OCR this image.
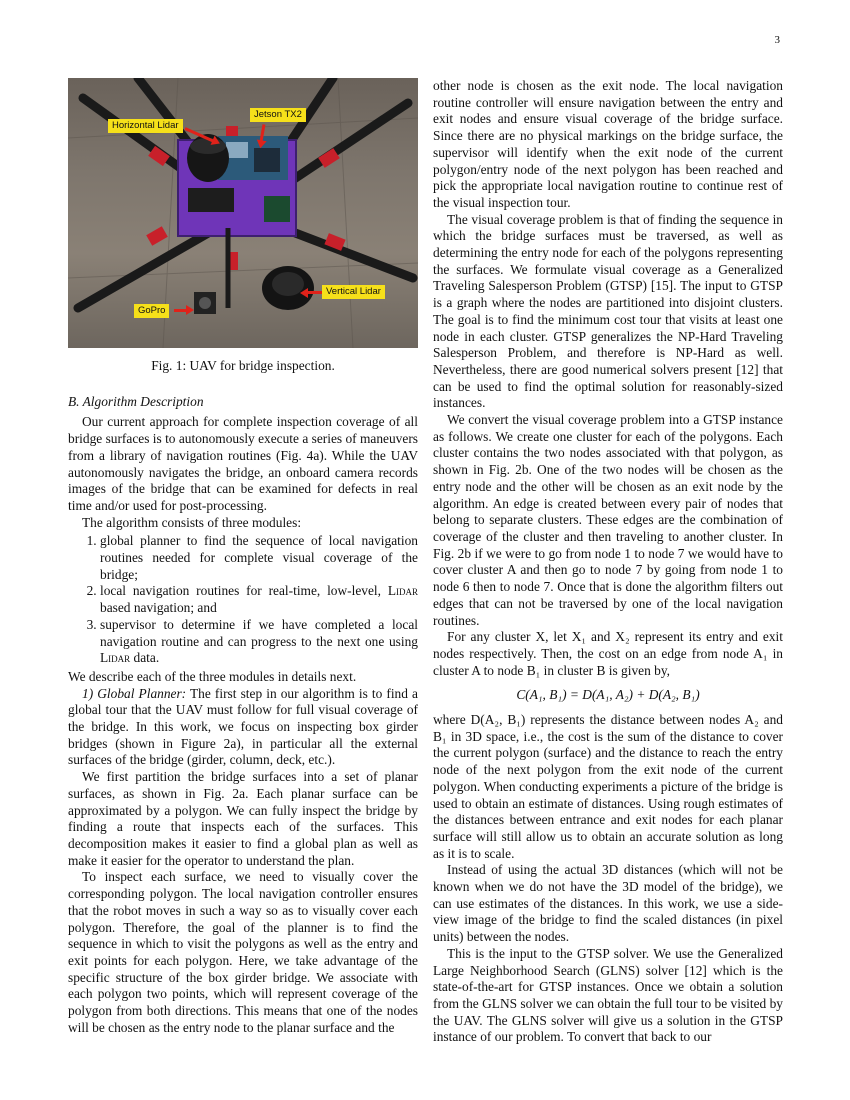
3
Horizontal Lidar
Jetson TX2
Vertical Lidar
GoPro
Fig. 1: UAV for bridge inspection.
B. Algorithm Description

Our current approach for complete inspection coverage of all bridge surfaces is to autonomously execute a series of maneuvers from a library of navigation routines (Fig. 4a). While the UAV autonomously navigates the bridge, an onboard camera records images of the bridge that can be examined for defects in real time and/or used for post-processing.

The algorithm consists of three modules:

1. global planner to find the sequence of local navigation routines needed for complete visual coverage of the bridge;
2. local navigation routines for real-time, low-level, Lidar based navigation; and
3. supervisor to determine if we have completed a local navigation routine and can progress to the next one using Lidar data.

We describe each of the three modules in details next.

1) Global Planner: The first step in our algorithm is to find a global tour that the UAV must follow for full visual coverage of the bridge. In this work, we focus on inspecting box girder bridges (shown in Figure 2a), in particular all the external surfaces of the bridge (girder, column, deck, etc.).

We first partition the bridge surfaces into a set of planar surfaces, as shown in Fig. 2a. Each planar surface can be approximated by a polygon. We can fully inspect the bridge by finding a route that inspects each of the surfaces. This decomposition makes it easier to find a global plan as well as make it easier for the operator to understand the plan.

To inspect each surface, we need to visually cover the corresponding polygon. The local navigation controller ensures that the robot moves in such a way so as to visually cover each polygon. Therefore, the goal of the planner is to find the sequence in which to visit the polygons as well as the entry and exit points for each polygon. Here, we take advantage of the specific structure of the box girder bridge. We associate with each polygon two points, which will represent coverage of the polygon from both directions. This means that one of the nodes will be chosen as the entry node to the planar surface and the

other node is chosen as the exit node. The local navigation routine controller will ensure navigation between the entry and exit nodes and ensure visual coverage of the bridge surface. Since there are no physical markings on the bridge surface, the supervisor will identify when the exit node of the current polygon/entry node of the next polygon has been reached and pick the appropriate local navigation routine to continue rest of the visual inspection tour.

The visual coverage problem is that of finding the sequence in which the bridge surfaces must be traversed, as well as determining the entry node for each of the polygons representing the surfaces. We formulate visual coverage as a Generalized Traveling Salesperson Problem (GTSP) [15]. The input to GTSP is a graph where the nodes are partitioned into disjoint clusters. The goal is to find the minimum cost tour that visits at least one node in each cluster. GTSP generalizes the NP-Hard Traveling Salesperson Problem, and therefore is NP-Hard as well. Nevertheless, there are good numerical solvers present [12] that can be used to find the optimal solution for reasonably-sized instances.

We convert the visual coverage problem into a GTSP instance as follows. We create one cluster for each of the polygons. Each cluster contains the two nodes associated with that polygon, as shown in Fig. 2b. One of the two nodes will be chosen as the entry node and the other will be chosen as an exit node by the algorithm. An edge is created between every pair of nodes that belong to separate clusters. These edges are the combination of coverage of the cluster and then traveling to another cluster. In Fig. 2b if we were to go from node 1 to node 7 we would have to cover cluster A and then go to node 7 by going from node 1 to node 6 then to node 7. Once that is done the algorithm filters out edges that can not be traversed by one of the local navigation routines.

For any cluster X, let X₁ and X₂ represent its entry and exit nodes respectively. Then, the cost on an edge from node A₁ in cluster A to node B₁ in cluster B is given by,

C(A₁, B₁) = D(A₁, A₂) + D(A₂, B₁)

where D(A₂, B₁) represents the distance between nodes A₂ and B₁ in 3D space, i.e., the cost is the sum of the distance to cover the current polygon (surface) and the distance to reach the entry node of the next polygon from the exit node of the current polygon. When conducting experiments a picture of the bridge is used to obtain an estimate of distances. Using rough estimates of the distances between entrance and exit nodes for each planar surface will still allow us to obtain an accurate solution as long as it is to scale.

Instead of using the actual 3D distances (which will not be known when we do not have the 3D model of the bridge), we can use estimates of the distances. In this work, we use a side-view image of the bridge to find the scaled distances (in pixel units) between the nodes.

This is the input to the GTSP solver. We use the Generalized Large Neighborhood Search (GLNS) solver [12] which is the state-of-the-art for GTSP instances. Once we obtain a solution from the GLNS solver we can obtain the full tour to be visited by the UAV. The GLNS solver will give us a solution in the GTSP instance of our problem. To convert that back to our
